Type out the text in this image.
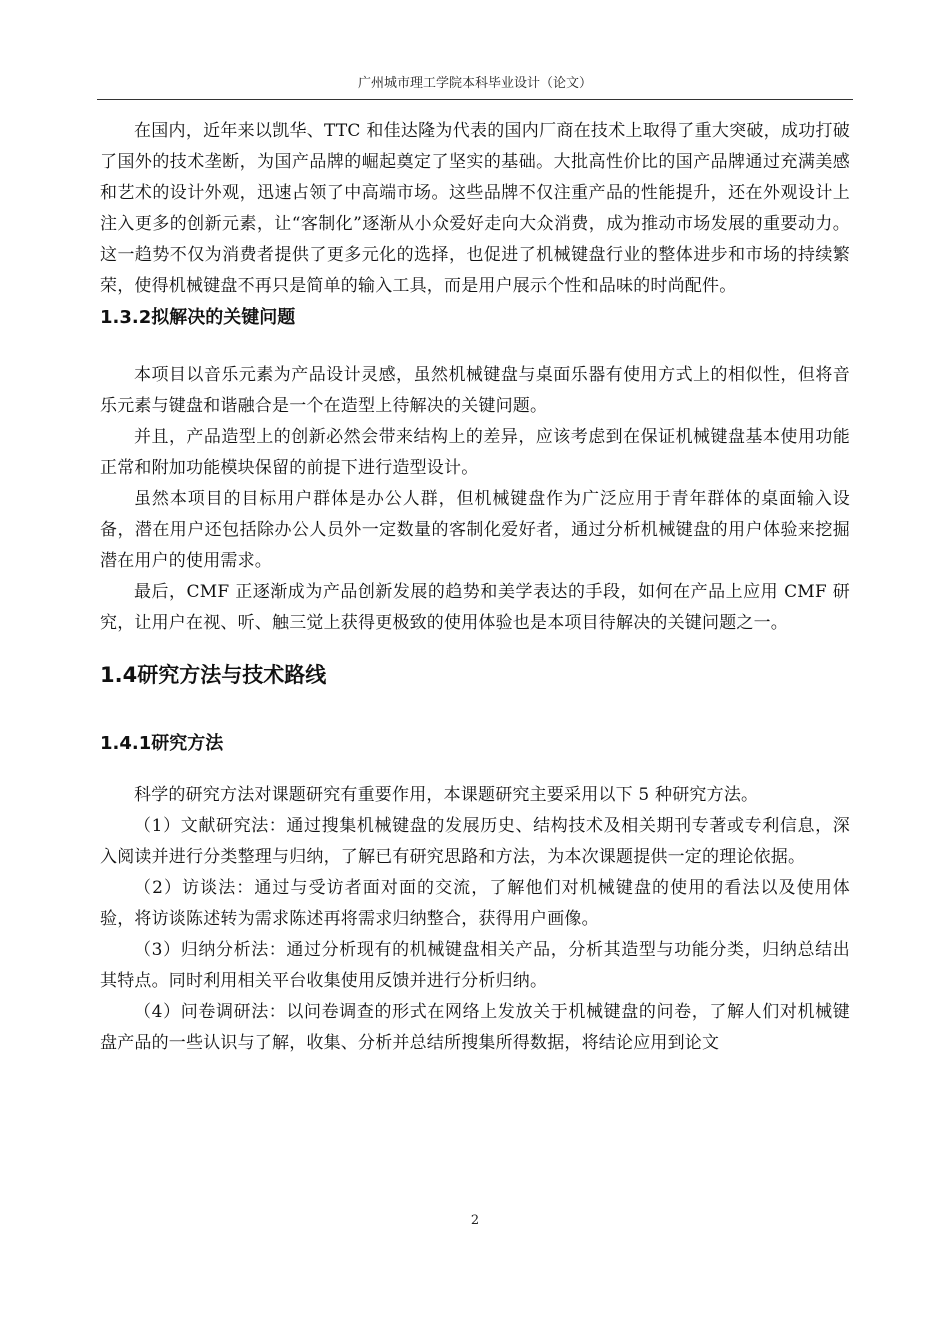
广州城市理工学院本科毕业设计（论文）

在国内，近年来以凯华、TTC 和佳达隆为代表的国内厂商在技术上取得了重大突破，成功打破了国外的技术垄断，为国产品牌的崛起奠定了坚实的基础。大批高性价比的国产品牌通过充满美感和艺术的设计外观，迅速占领了中高端市场。这些品牌不仅注重产品的性能提升，还在外观设计上注入更多的创新元素，让“客制化”逐渐从小众爱好走向大众消费，成为推动市场发展的重要动力。这一趋势不仅为消费者提供了更多元化的选择，也促进了机械键盘行业的整体进步和市场的持续繁荣，使得机械键盘不再只是简单的输入工具，而是用户展示个性和品味的时尚配件。

1.3.2拟解决的关键问题

本项目以音乐元素为产品设计灵感，虽然机械键盘与桌面乐器有使用方式上的相似性，但将音乐元素与键盘和谐融合是一个在造型上待解决的关键问题。

并且，产品造型上的创新必然会带来结构上的差异，应该考虑到在保证机械键盘基本使用功能正常和附加功能模块保留的前提下进行造型设计。

虽然本项目的目标用户群体是办公人群，但机械键盘作为广泛应用于青年群体的桌面输入设备，潜在用户还包括除办公人员外一定数量的客制化爱好者，通过分析机械键盘的用户体验来挖掘潜在用户的使用需求。

最后，CMF 正逐渐成为产品创新发展的趋势和美学表达的手段，如何在产品上应用 CMF 研究，让用户在视、听、触三觉上获得更极致的使用体验也是本项目待解决的关键问题之一。

1.4研究方法与技术路线
1.4.1研究方法

科学的研究方法对课题研究有重要作用，本课题研究主要采用以下 5 种研究方法。

（1）文献研究法：通过搜集机械键盘的发展历史、结构技术及相关期刊专著或专利信息，深入阅读并进行分类整理与归纳，了解已有研究思路和方法，为本次课题提供一定的理论依据。

（2）访谈法：通过与受访者面对面的交流，了解他们对机械键盘的使用的看法以及使用体验，将访谈陈述转为需求陈述再将需求归纳整合，获得用户画像。

（3）归纳分析法：通过分析现有的机械键盘相关产品，分析其造型与功能分类，归纳总结出其特点。同时利用相关平台收集使用反馈并进行分析归纳。

（4）问卷调研法：以问卷调查的形式在网络上发放关于机械键盘的问卷，了解人们对机械键盘产品的一些认识与了解，收集、分析并总结所搜集所得数据，将结论应用到论文

2
